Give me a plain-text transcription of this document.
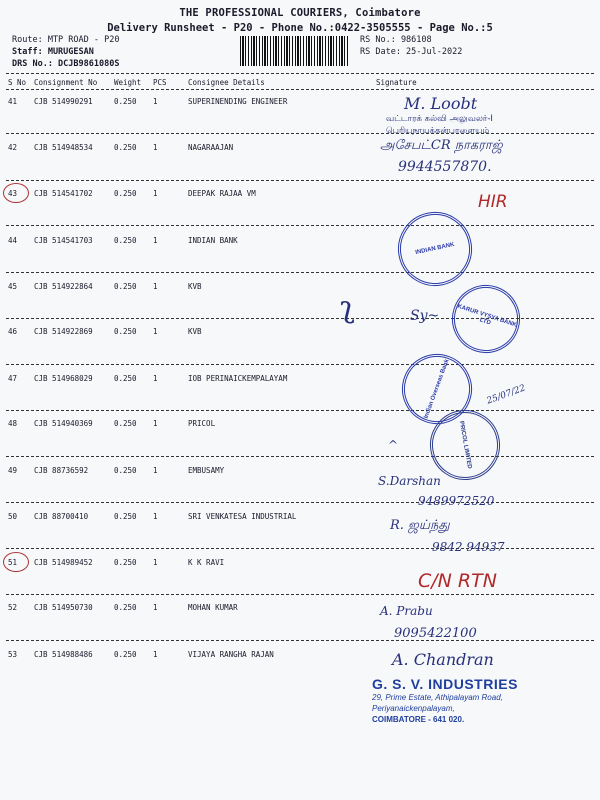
THE PROFESSIONAL COURIERS, Coimbatore
Delivery Runsheet - P20 - Phone No.:0422-3505555 - Page No.:5
Route: MTP ROAD - P20
Staff: MURUGESAN
DRS No.: DCJB9861080S
RS No.: 986108
RS Date: 25-Jul-2022
S No Consignment No Weight PCS	Consignee Details	Signature
41 CJB 514990291	0.250 1	SUPERINENDING ENGINEER
42 CJB 514948534	0.250 1	NAGARAAJAN
43 CJB 514541702	0.250 1	DEEPAK RAJAA VM
44 CJB 514541703	0.250 1	INDIAN BANK
45 CJB 514922864	0.250 1	KVB
46 CJB 514922869	0.250 1	KVB
47 CJB 514968029	0.250 1	IOB PERINAICKEMPALAYAM
48 CJB 514940369	0.250 1	PRICOL
49 CJB 88736592	0.250 1	EMBUSAMY
50 CJB 88700410	0.250 1	SRI VENKATESA INDUSTRIAL
51 CJB 514989452	0.250 1	K K RAVI
52 CJB 514950730	0.250 1	MOHAN KUMAR
53 CJB 514988486	0.250 1	VIJAYA RANGHA RAJAN
M. Loobt
வட்டாரக் கல்வி அலுவலர்-I
பெரியநாயக்கன்பாளையம்
அசேபட்CR நாகராஜ்
9944557870.
HIR
INDIAN BANK
ʅ	KARUR VYSYA BANK LTD
Sy~
Indian Overseas Bank	25/07/22
PRICOL LIMITED
^
S.Darshan
9489972520
R. ஜய்ந்து
9842 94937
C/N RTN
A. Prabu
9095422100
A. Chandran
G. S. V. INDUSTRIES
29, Prime Estate, Athipalayam Road,
Periyanaickenpalayam,
COIMBATORE - 641 020.
